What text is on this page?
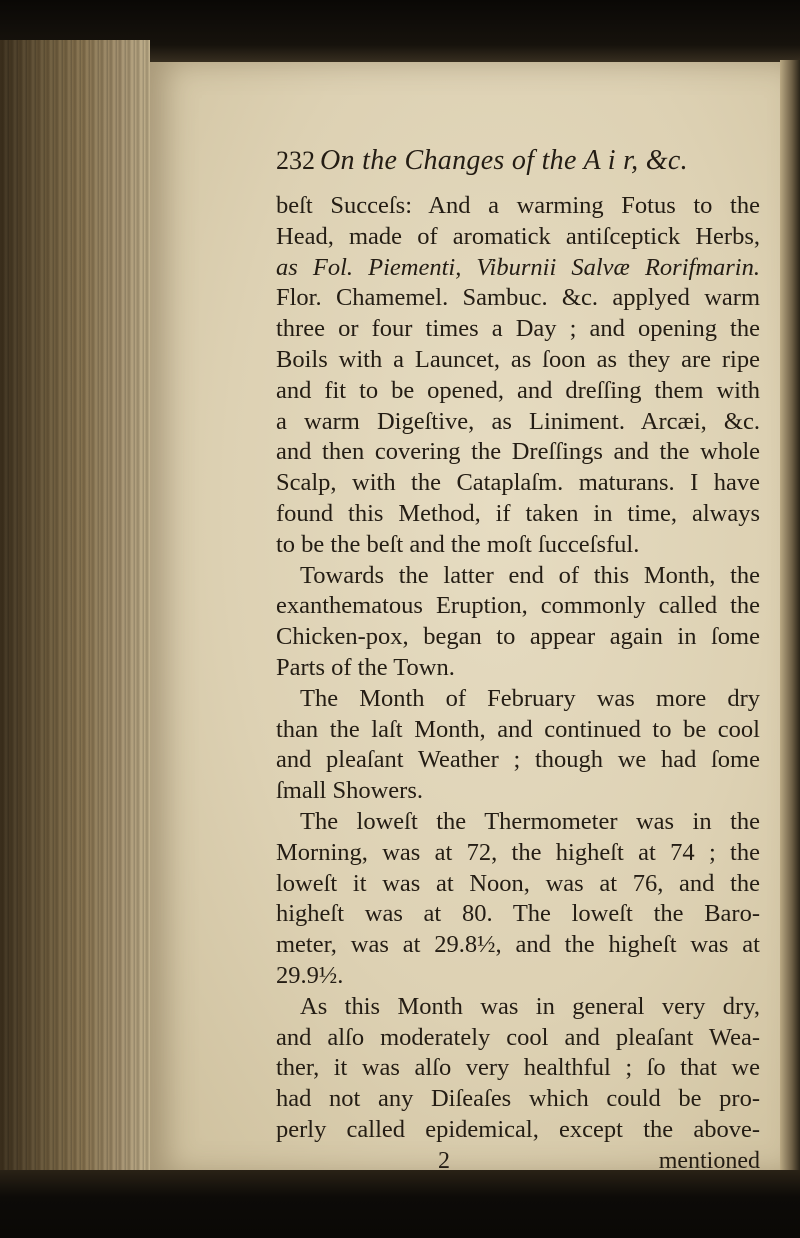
232 On the Changes of the A i r, &c.
beſt Succeſs: And a warming Fotus to the
Head, made of aromatick antiſceptick Herbs,
as Fol. Piementi, Viburnii Salvæ Rorifmarin.
Flor. Chamemel. Sambuc. &c. applyed warm
three or four times a Day ; and opening the
Boils with a Launcet, as ſoon as they are ripe
and fit to be opened, and dreſſing them with
a warm Digeſtive, as Liniment. Arcæi, &c.
and then covering the Dreſſings and the whole
Scalp, with the Cataplaſm. maturans. I have
found this Method, if taken in time, always
to be the beſt and the moſt ſucceſsful.
Towards the latter end of this Month, the
exanthematous Eruption, commonly called the
Chicken-pox, began to appear again in ſome
Parts of the Town.
The Month of February was more dry
than the laſt Month, and continued to be cool
and pleaſant Weather ; though we had ſome
ſmall Showers.
The loweſt the Thermometer was in the
Morning, was at 72, the higheſt at 74 ; the
loweſt it was at Noon, was at 76, and the
higheſt was at 80. The loweſt the Baro-
meter, was at 29.8½, and the higheſt was at
29.9½.
As this Month was in general very dry,
and alſo moderately cool and pleaſant Wea-
ther, it was alſo very healthful ; ſo that we
had not any Diſeaſes which could be pro-
perly called epidemical, except the above-
2	mentioned
